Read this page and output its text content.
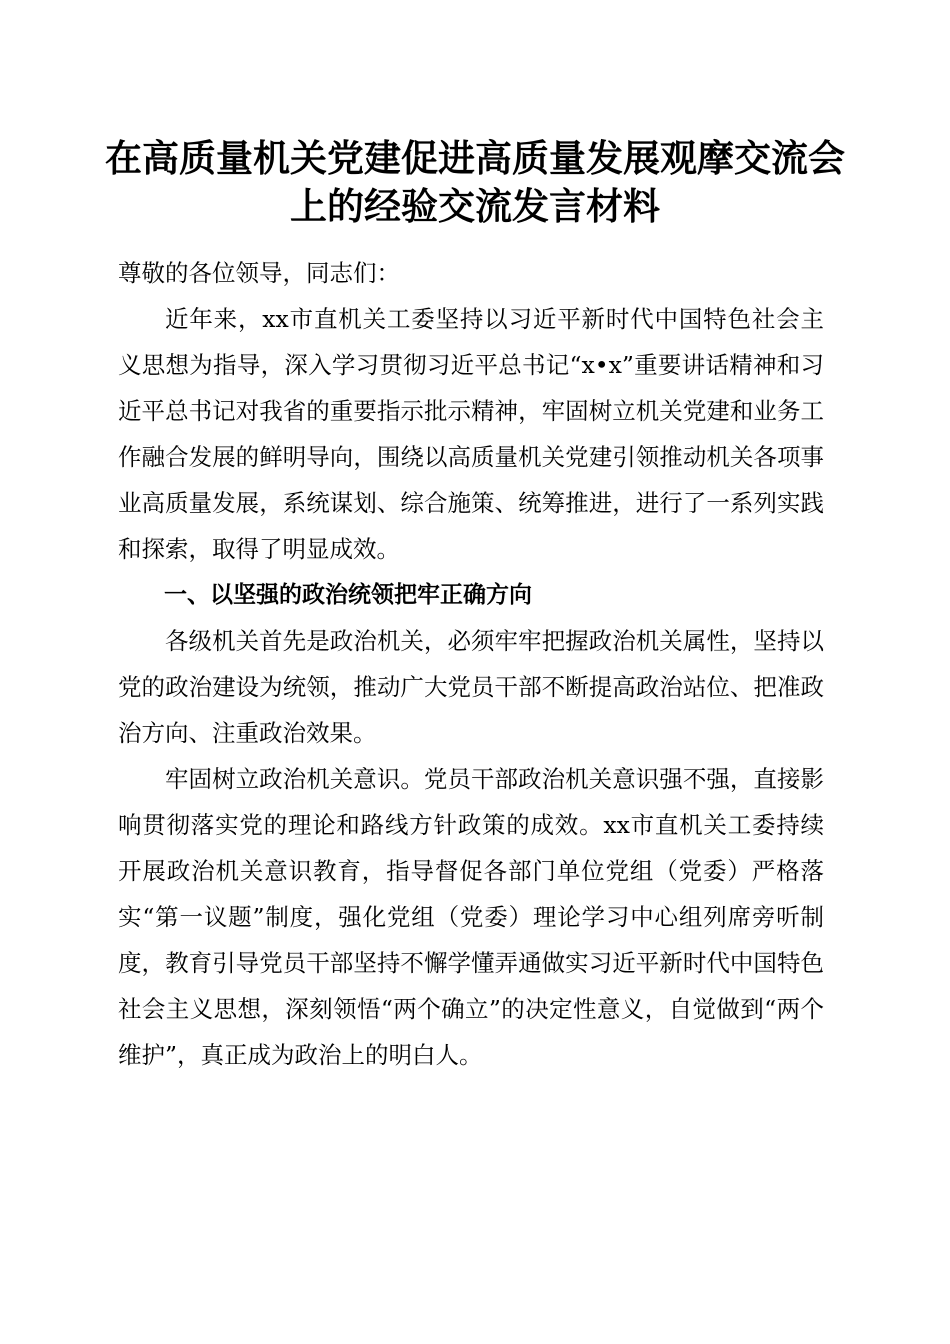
在高质量机关党建促进高质量发展观摩交流会
上的经验交流发言材料

尊敬的各位领导，同志们：

近年来，xx市直机关工委坚持以习近平新时代中国特色社会主义思想为指导，深入学习贯彻习近平总书记“x•x”重要讲话精神和习近平总书记对我省的重要指示批示精神，牢固树立机关党建和业务工作融合发展的鲜明导向，围绕以高质量机关党建引领推动机关各项事业高质量发展，系统谋划、综合施策、统筹推进，进行了一系列实践和探索，取得了明显成效。

一、以坚强的政治统领把牢正确方向

各级机关首先是政治机关，必须牢牢把握政治机关属性，坚持以党的政治建设为统领，推动广大党员干部不断提高政治站位、把准政治方向、注重政治效果。

牢固树立政治机关意识。党员干部政治机关意识强不强，直接影响贯彻落实党的理论和路线方针政策的成效。xx市直机关工委持续开展政治机关意识教育，指导督促各部门单位党组（党委）严格落实“第一议题”制度，强化党组（党委）理论学习中心组列席旁听制度，教育引导党员干部坚持不懈学懂弄通做实习近平新时代中国特色社会主义思想，深刻领悟“两个确立”的决定性意义，自觉做到“两个维护”，真正成为政治上的明白人。
